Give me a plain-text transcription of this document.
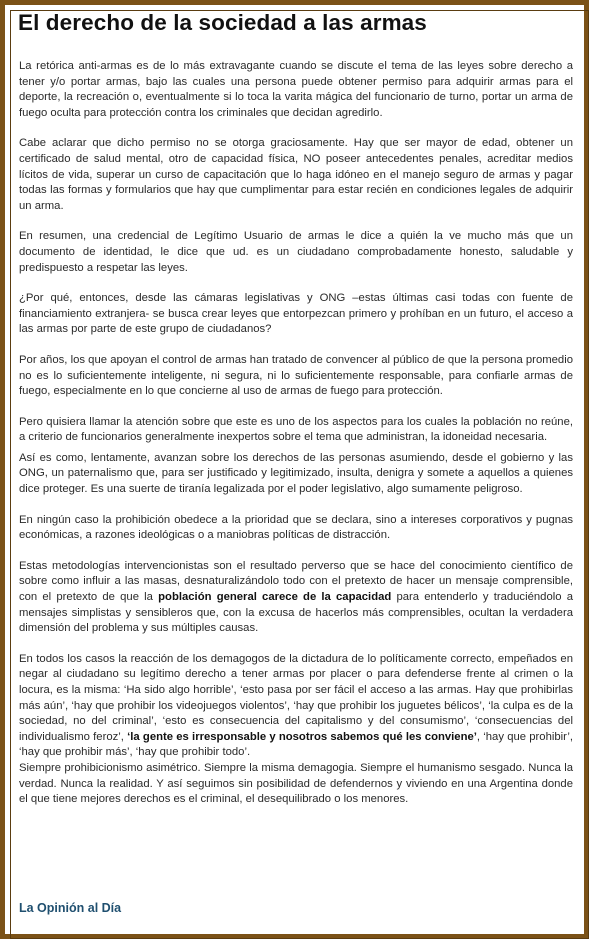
El derecho de la sociedad a las armas

La retórica anti-armas es de lo más extravagante cuando se discute el tema de las leyes sobre derecho a tener y/o portar armas, bajo las cuales una persona puede obtener permiso para adquirir armas para el deporte, la recreación o, eventualmente si lo toca la varita mágica del funcionario de turno, portar un arma de fuego oculta para protección contra los criminales que decidan agredirlo.

Cabe aclarar que dicho permiso no se otorga graciosamente. Hay que ser mayor de edad, obtener un certificado de salud mental, otro de capacidad física, NO poseer antecedentes penales, acreditar medios lícitos de vida, superar un curso de capacitación que lo haga idóneo en el manejo seguro de armas y pagar todas las formas y formularios que hay que cumplimentar para estar recién en condiciones legales de adquirir un arma.

En resumen, una credencial de Legítimo Usuario de armas le dice a quién la ve mucho más que un documento de identidad, le dice que ud. es un ciudadano comprobadamente honesto, saludable y predispuesto a respetar las leyes.

¿Por qué, entonces, desde las cámaras legislativas y ONG –estas últimas casi todas con fuente de financiamiento extranjera- se busca crear leyes que entorpezcan primero y prohíban en un futuro, el acceso a las armas por parte de este grupo de ciudadanos?

Por años, los que apoyan el control de armas han tratado de convencer al público de que la persona promedio no es lo suficientemente inteligente, ni segura, ni lo suficientemente responsable, para confiarle armas de fuego, especialmente en lo que concierne al uso de armas de fuego para protección.

Pero quisiera llamar la atención sobre que este es uno de los aspectos para los cuales la población no reúne, a criterio de funcionarios generalmente inexpertos sobre el tema que administran, la idoneidad necesaria.

Así es como, lentamente, avanzan sobre los derechos de las personas asumiendo, desde el gobierno y las ONG, un paternalismo que, para ser justificado y legitimizado, insulta, denigra y somete a aquellos a quienes dice proteger. Es una suerte de tiranía legalizada por el poder legislativo, algo sumamente peligroso.

En ningún caso la prohibición obedece a la prioridad que se declara, sino a intereses corporativos y pugnas económicas, a razones ideológicas o a maniobras políticas de distracción.

Estas metodologías intervencionistas son el resultado perverso que se hace del conocimiento científico de sobre como influir a las masas, desnaturalizándolo todo con el pretexto de hacer un mensaje comprensible, con el pretexto de que la población general carece de la capacidad para entenderlo y traduciéndolo a mensajes simplistas y sensibleros que, con la excusa de hacerlos más comprensibles, ocultan la verdadera dimensión del problema y sus múltiples causas.

En todos los casos la reacción de los demagogos de la dictadura de lo políticamente correcto, empeñados en negar al ciudadano su legítimo derecho a tener armas por placer o para defenderse frente al crimen o la locura, es la misma: ‘Ha sido algo horrible’, ‘esto pasa por ser fácil el acceso a las armas. Hay que prohibirlas más aún’, ‘hay que prohibir los videojuegos violentos’, ‘hay que prohibir los juguetes bélicos’, ‘la culpa es de la sociedad, no del criminal’, ‘esto es consecuencia del capitalismo y del consumismo’, ‘consecuencias del individualismo feroz’, ‘la gente es irresponsable y nosotros sabemos qué les conviene’, ‘hay que prohibir’, ‘hay que prohibir más’, ‘hay que prohibir todo’.

Siempre prohibicionismo asimétrico. Siempre la misma demagogia. Siempre el humanismo sesgado. Nunca la verdad. Nunca la realidad. Y así seguimos sin posibilidad de defendernos y viviendo en una Argentina donde el que tiene mejores derechos es el criminal, el desequilibrado o los menores.

La Opinión al Día
